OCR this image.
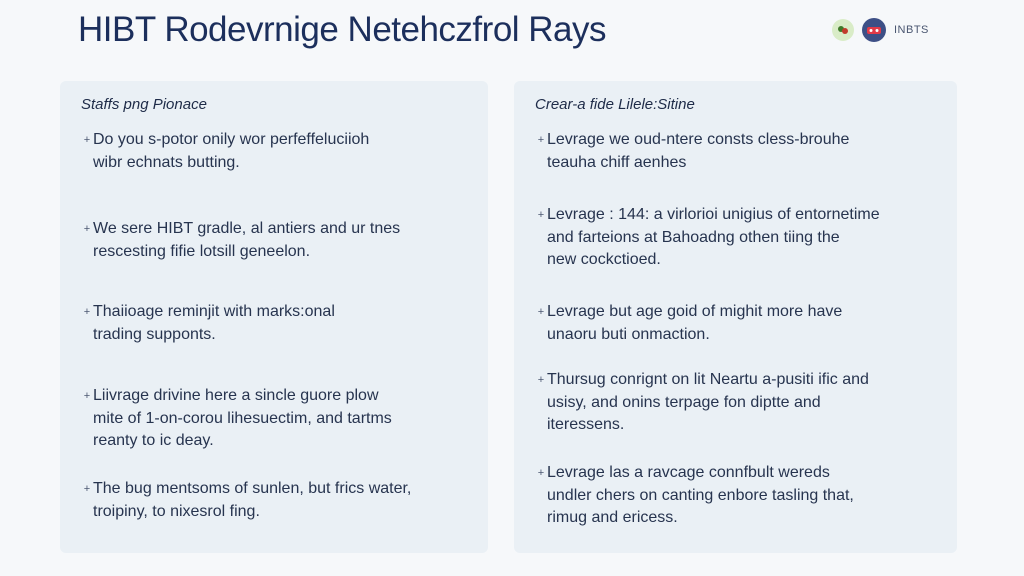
HIBT Rodevrnige Netehczfrol Rays	INBTS
Staffs png Pionace
+ Do you s-potor onily wor perfeffeluciioh
wibr echnats butting.
+ We sere HIBT gradle, al antiers and ur tnes
rescesting fifie lotsill geneelon.
+ Thaiioage reminjit with marks:onal
trading supponts.
+ Liivrage drivine here a sincle guore plow
mite of 1-on-corou lihesuectim, and tartms
reanty to ic deay.
+ The bug mentsoms of sunlen, but frics water,
troipiny, to nixesrol fing.
Crear-a fide Lilele:Sitine
+ Levrage we oud-ntere consts cless-brouhe
teauha chiff aenhes
+ Levrage : 144: a virlorioi unigius of entornetime
and farteions at Bahoadng othen tiing the
new cockctioed.
+ Levrage but age goid of mighit more have
unaoru buti onmaction.
+ Thursug conrignt on lit Neartu a-pusiti ific and
usisy, and onins terpage fon diptte and
iteressens.
+ Levrage las a ravcage connfbult wereds
undler chers on canting enbore tasling that,
rimug and ericess.
